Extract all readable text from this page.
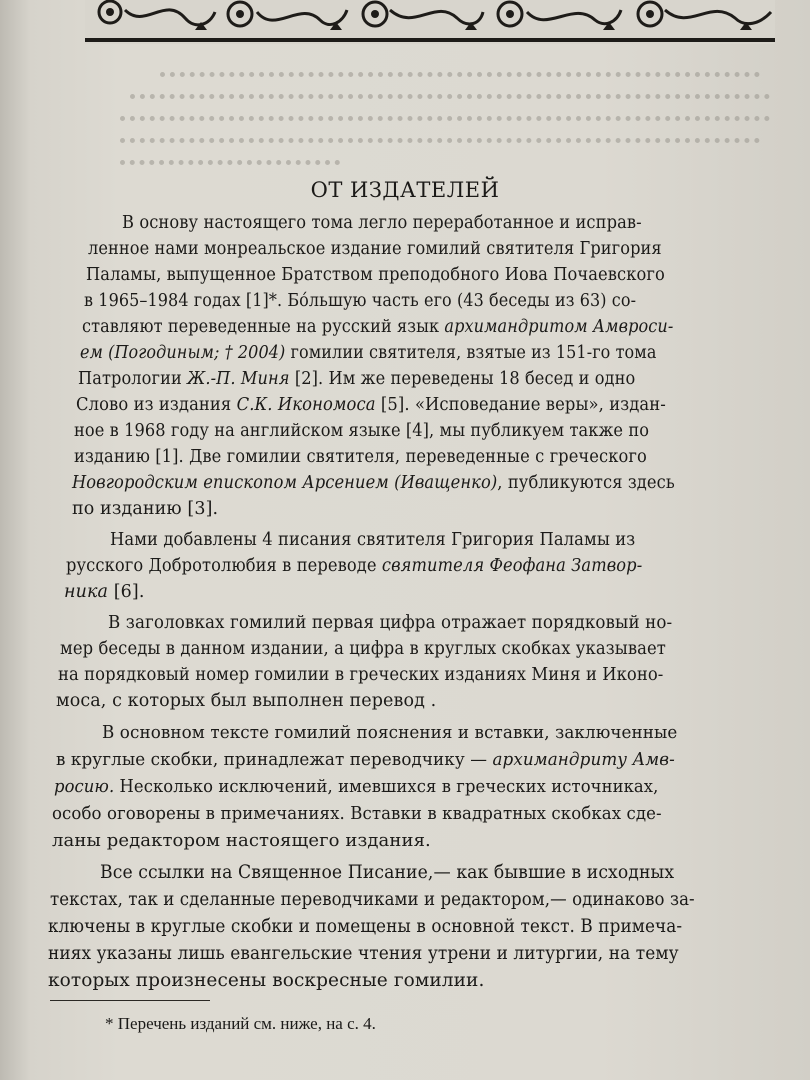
ОТ ИЗДАТЕЛЕЙ
В основу настоящего тома легло переработанное и исправ-
ленное нами монреальское издание гомилий святителя Григория
Паламы, выпущенное Братством преподобного Иова Почаевского
в 1965–1984 годах [1]*. Бóльшую часть его (43 беседы из 63) со-
ставляют переведенные на русский язык архимандритом Амвроси-
ем (Погодиным; † 2004) гомилии святителя, взятые из 151-го тома
Патрологии Ж.-П. Миня [2]. Им же переведены 18 бесед и одно
Слово из издания С.К. Икономоса [5]. «Исповедание веры», издан-
ное в 1968 году на английском языке [4], мы публикуем также по
изданию [1]. Две гомилии святителя, переведенные с греческого
Новгородским епископом Арсением (Иващенко), публикуются здесь
по изданию [3].
Нами добавлены 4 писания святителя Григория Паламы из
русского Добротолюбия в переводе святителя Феофана Затвор-
ника [6].
В заголовках гомилий первая цифра отражает порядковый но-
мер беседы в данном издании, а цифра в круглых скобках указывает
на порядковый номер гомилии в греческих изданиях Миня и Иконо-
моса, с которых был выполнен перевод .
В основном тексте гомилий пояснения и вставки, заключенные
в круглые скобки, принадлежат переводчику — архимандриту Амв-
росию. Несколько исключений, имевшихся в греческих источниках,
особо оговорены в примечаниях. Вставки в квадратных скобках сде-
ланы редактором настоящего издания.
Все ссылки на Священное Писание,— как бывшие в исходных
текстах, так и сделанные переводчиками и редактором,— одинаково за-
ключены в круглые скобки и помещены в основной текст. В примеча-
ниях указаны лишь евангельские чтения утрени и литургии, на тему
которых произнесены воскресные гомилии.
* Перечень изданий см. ниже, на с. 4.
